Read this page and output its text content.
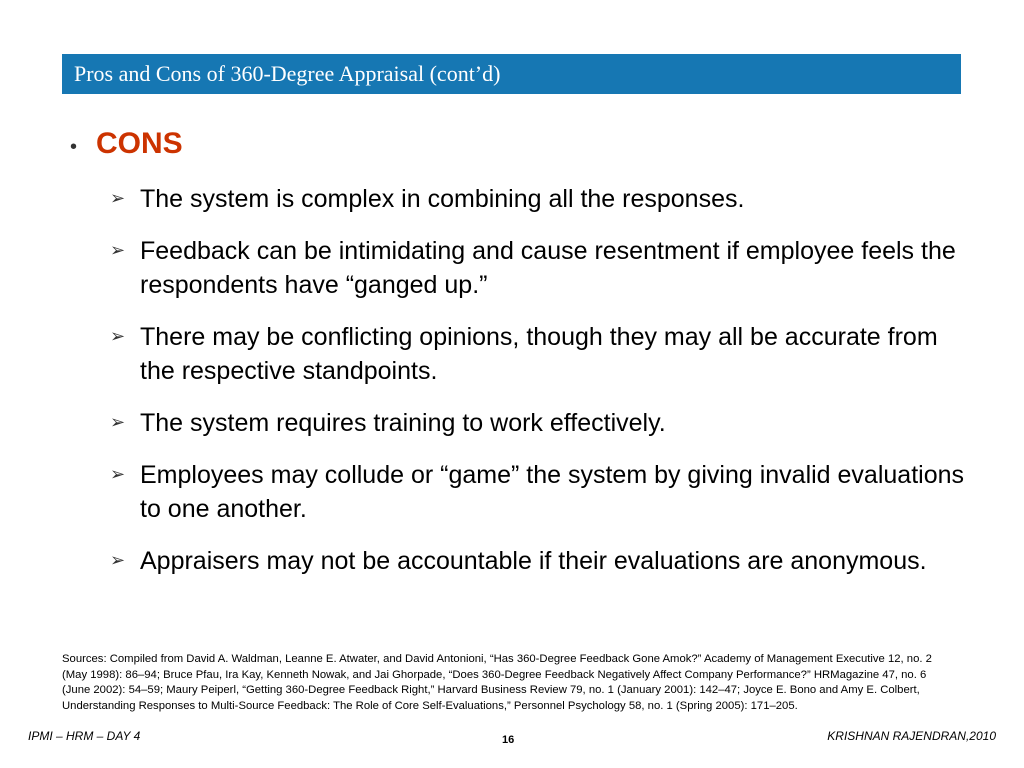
Pros and Cons of 360-Degree Appraisal (cont’d)
• CONS
➢ The system is complex in combining all the responses.
➢ Feedback can be intimidating and cause resentment if employee feels the respondents have “ganged up.”
➢ There may be conflicting opinions, though they may all be accurate from the respective standpoints.
➢ The system requires training to work effectively.
➢ Employees may collude or “game” the system by giving invalid evaluations to one another.
➢ Appraisers may not be accountable if their evaluations are anonymous.
Sources: Compiled from David A. Waldman, Leanne E. Atwater, and David Antonioni, “Has 360-Degree Feedback Gone Amok?” Academy of Management Executive 12, no. 2 (May 1998): 86–94; Bruce Pfau, Ira Kay, Kenneth Nowak, and Jai Ghorpade, “Does 360-Degree Feedback Negatively Affect Company Performance?” HRMagazine 47, no. 6 (June 2002): 54–59; Maury Peiperl, “Getting 360-Degree Feedback Right,” Harvard Business Review 79, no. 1 (January 2001): 142–47; Joyce E. Bono and Amy E. Colbert, Understanding Responses to Multi-Source Feedback: The Role of Core Self-Evaluations,” Personnel Psychology 58, no. 1 (Spring 2005): 171–205.
IPMI – HRM – DAY 4	16	KRISHNAN RAJENDRAN,2010
